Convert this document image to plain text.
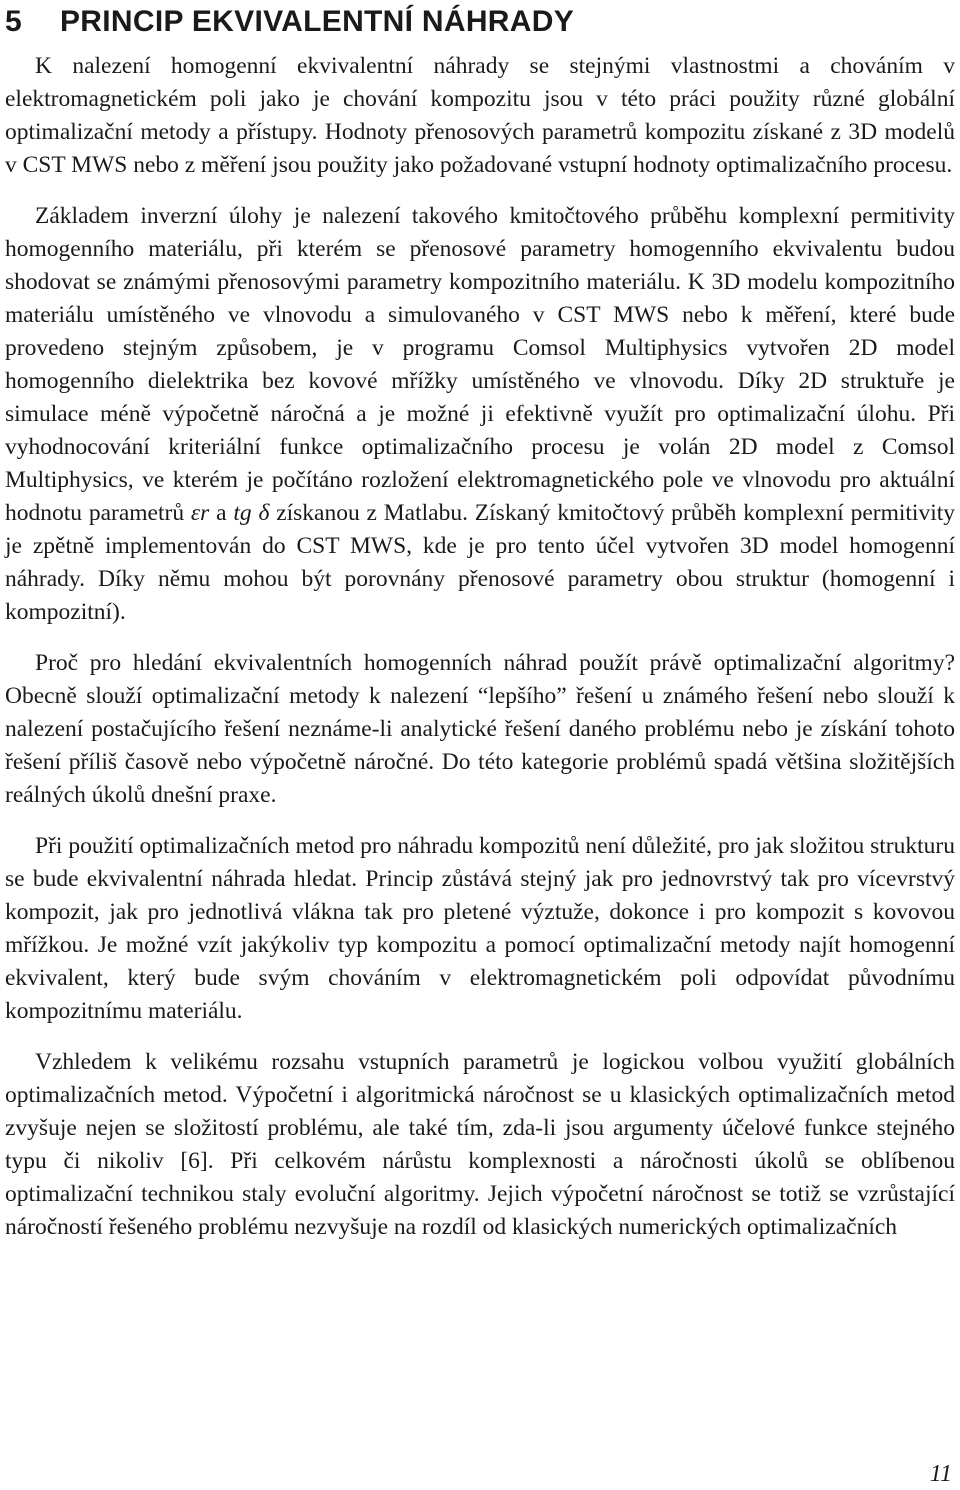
5 PRINCIP EKVIVALENTNÍ NÁHRADY

K nalezení homogenní ekvivalentní náhrady se stejnými vlastnostmi a chováním v elektromagnetickém poli jako je chování kompozitu jsou v této práci použity různé globální optimalizační metody a přístupy. Hodnoty přenosových parametrů kompozitu získané z 3D modelů v CST MWS nebo z měření jsou použity jako požadované vstupní hodnoty optimalizačního procesu.

Základem inverzní úlohy je nalezení takového kmitočtového průběhu komplexní permitivity homogenního materiálu, při kterém se přenosové parametry homogenního ekvivalentu budou shodovat se známými přenosovými parametry kompozitního materiálu. K 3D modelu kompozitního materiálu umístěného ve vlnovodu a simulovaného v CST MWS nebo k měření, které bude provedeno stejným způsobem, je v programu Comsol Multiphysics vytvořen 2D model homogenního dielektrika bez kovové mřížky umístěného ve vlnovodu. Díky 2D struktuře je simulace méně výpočetně náročná a je možné ji efektivně využít pro optimalizační úlohu. Při vyhodnocování kriteriální funkce optimalizačního procesu je volán 2D model z Comsol Multiphysics, ve kterém je počítáno rozložení elektromagnetického pole ve vlnovodu pro aktuální hodnotu parametrů εr a tg δ získanou z Matlabu. Získaný kmitočtový průběh komplexní permitivity je zpětně implementován do CST MWS, kde je pro tento účel vytvořen 3D model homogenní náhrady. Díky němu mohou být porovnány přenosové parametry obou struktur (homogenní i kompozitní).

Proč pro hledání ekvivalentních homogenních náhrad použít právě optimalizační algoritmy? Obecně slouží optimalizační metody k nalezení “lepšího” řešení u známého řešení nebo slouží k nalezení postačujícího řešení neznáme-li analytické řešení daného problému nebo je získání tohoto řešení příliš časově nebo výpočetně náročné. Do této kategorie problémů spadá většina složitějších reálných úkolů dnešní praxe.

Při použití optimalizačních metod pro náhradu kompozitů není důležité, pro jak složitou strukturu se bude ekvivalentní náhrada hledat. Princip zůstává stejný jak pro jednovrstvý tak pro vícevrstvý kompozit, jak pro jednotlivá vlákna tak pro pletené výztuže, dokonce i pro kompozit s kovovou mřížkou. Je možné vzít jakýkoliv typ kompozitu a pomocí optimalizační metody najít homogenní ekvivalent, který bude svým chováním v elektromagnetickém poli odpovídat původnímu kompozitnímu materiálu.

Vzhledem k velikému rozsahu vstupních parametrů je logickou volbou využití globálních optimalizačních metod. Výpočetní i algoritmická náročnost se u klasických optimalizačních metod zvyšuje nejen se složitostí problému, ale také tím, zda-li jsou argumenty účelové funkce stejného typu či nikoliv [6]. Při celkovém nárůstu komplexnosti a náročnosti úkolů se oblíbenou optimalizační technikou staly evoluční algoritmy. Jejich výpočetní náročnost se totiž se vzrůstající náročností řešeného problému nezvyšuje na rozdíl od klasických numerických optimalizačních

11
